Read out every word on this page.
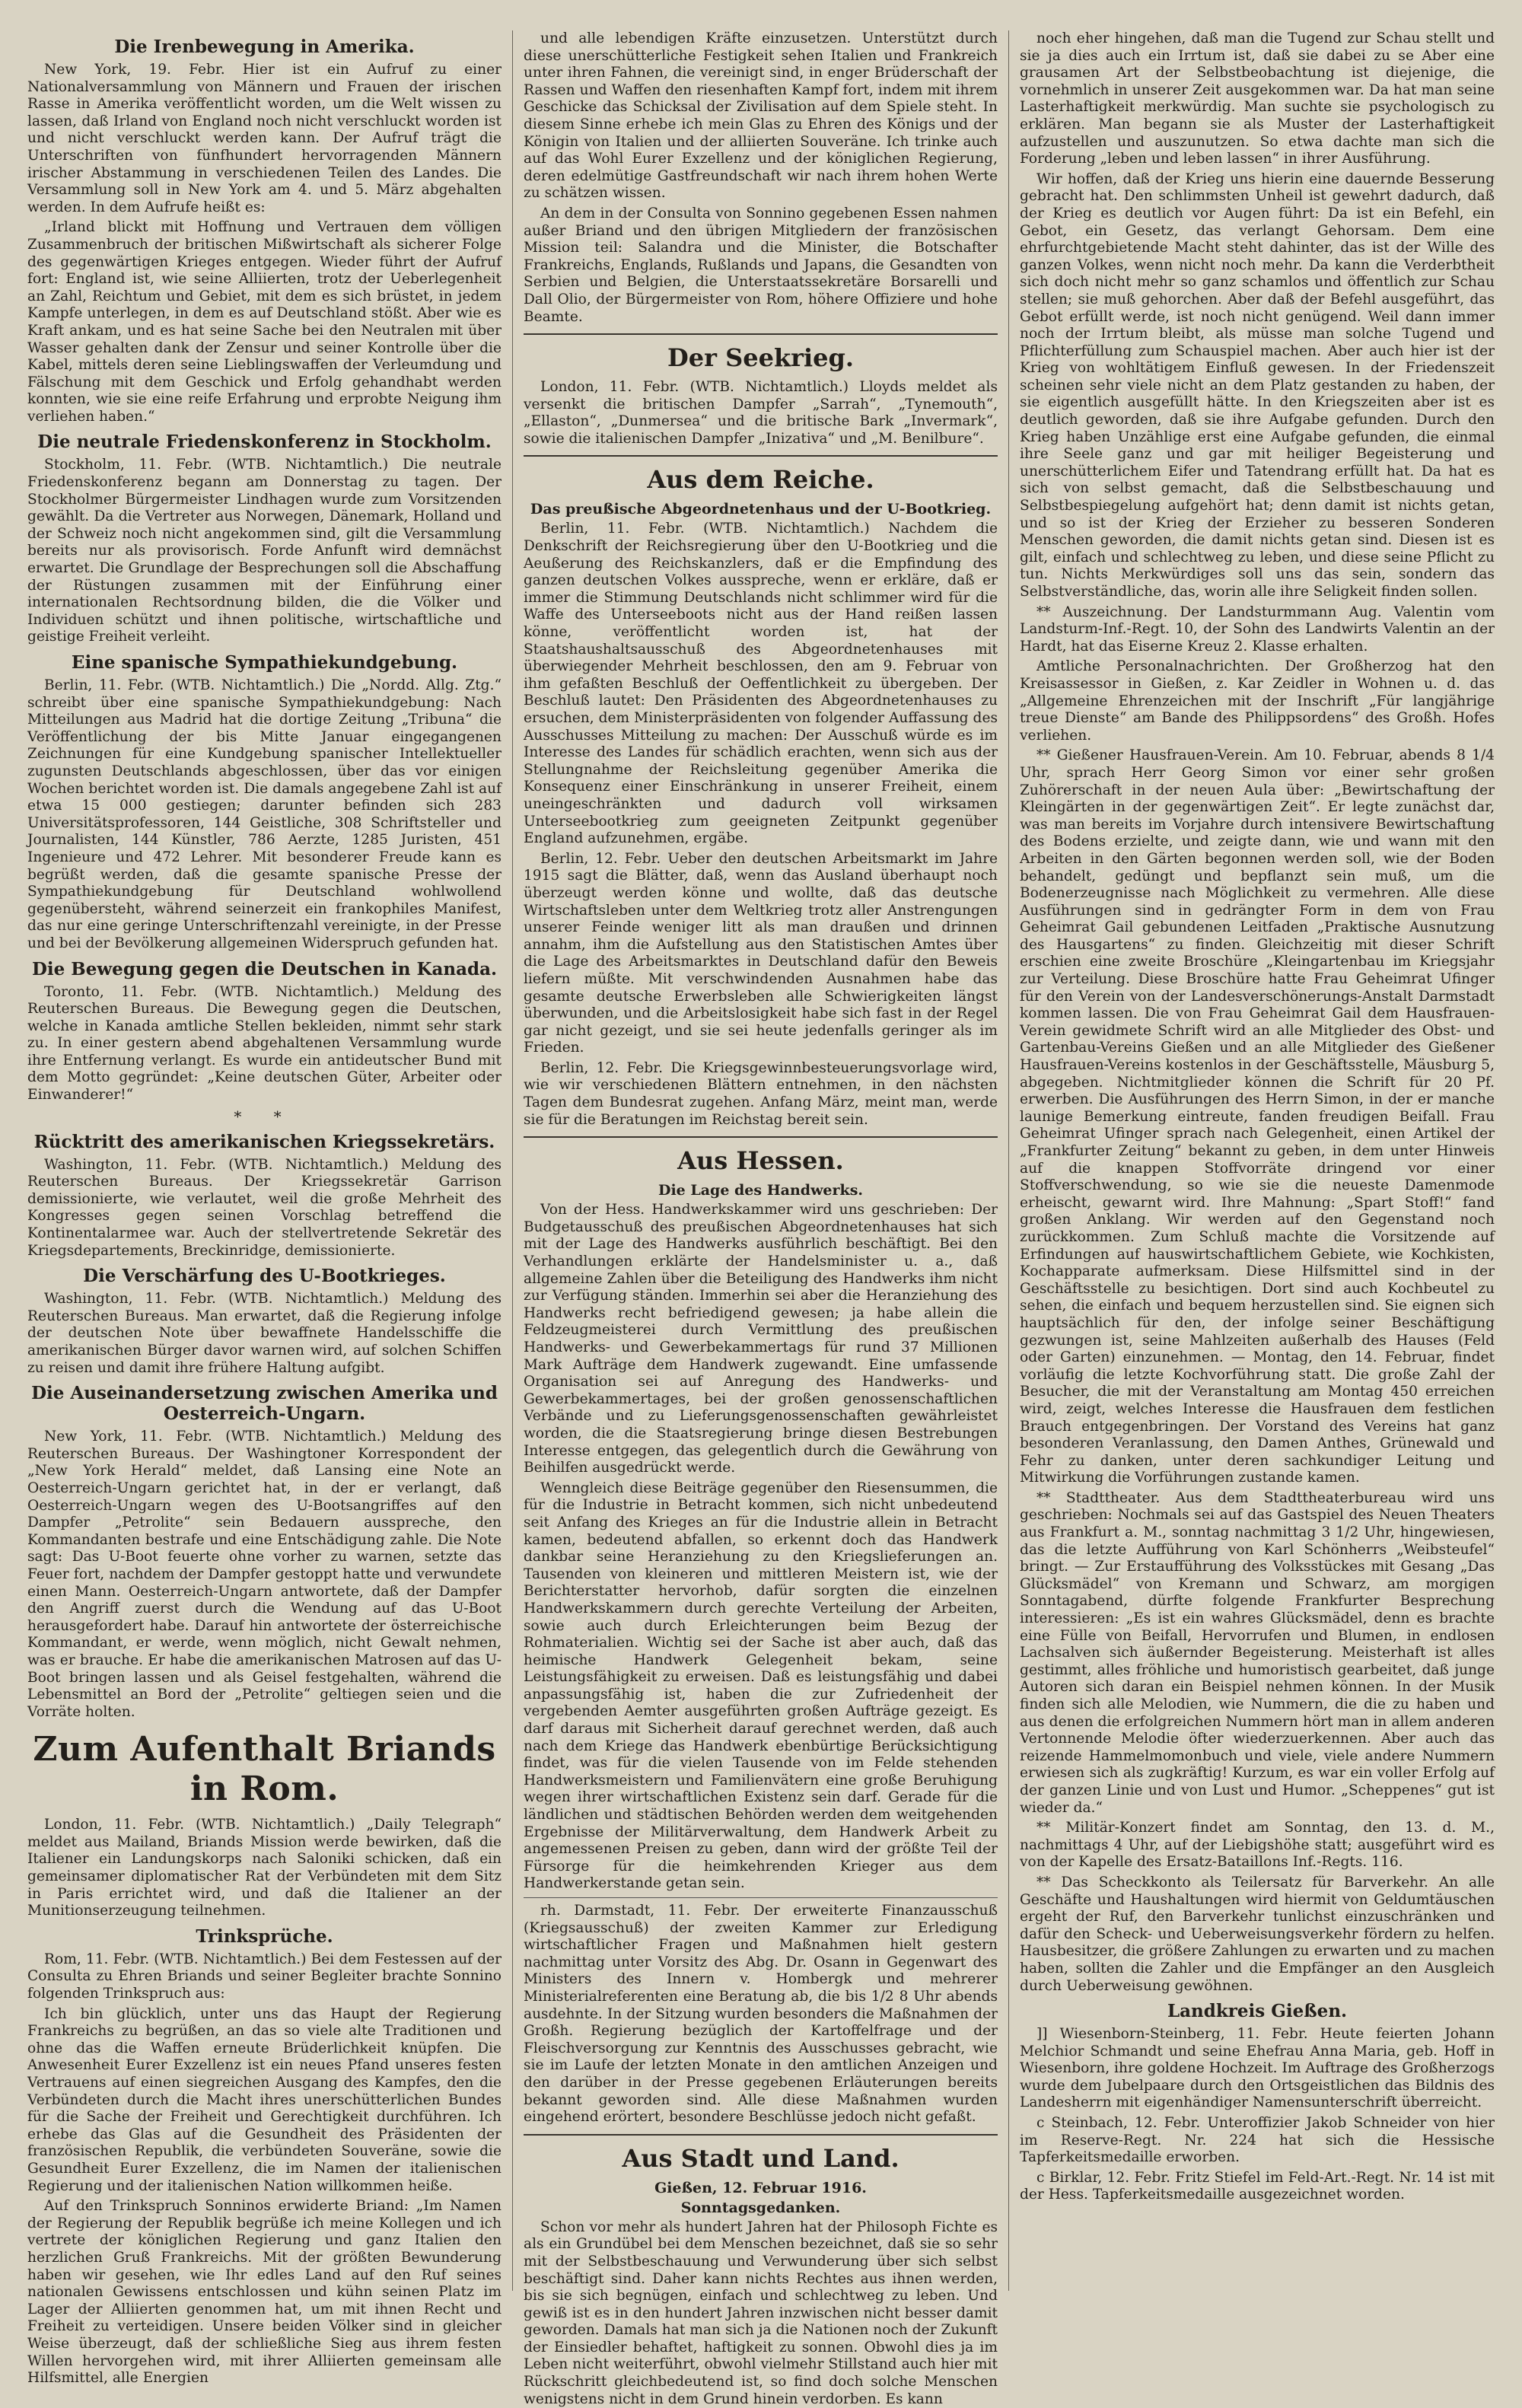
Die Irenbewegung in Amerika.

New York, 19. Febr. Hier ist ein Aufruf zu einer Nationalversammlung von Männern und Frauen der irischen Rasse in Amerika veröffentlicht worden, um die Welt wissen zu lassen, daß Irland von England noch nicht verschluckt worden ist und nicht verschluckt werden kann. Der Aufruf trägt die Unterschriften von fünfhundert hervorragenden Männern irischer Abstammung in verschiedenen Teilen des Landes. Die Versammlung soll in New York am 4. und 5. März abgehalten werden. In dem Aufrufe heißt es:

„Irland blickt mit Hoffnung und Vertrauen dem völligen Zusammenbruch der britischen Mißwirtschaft als sicherer Folge des gegenwärtigen Krieges entgegen. Wieder führt der Aufruf fort: England ist, wie seine Alliierten, trotz der Ueberlegenheit an Zahl, Reichtum und Gebiet, mit dem es sich brüstet, in jedem Kampfe unterlegen, in dem es auf Deutschland stößt. Aber wie es Kraft ankam, und es hat seine Sache bei den Neutralen mit über Wasser gehalten dank der Zensur und seiner Kontrolle über die Kabel, mittels deren seine Lieblingswaffen der Verleumdung und Fälschung mit dem Geschick und Erfolg gehandhabt werden konnten, wie sie eine reife Erfahrung und erprobte Neigung ihm verliehen haben.“

Die neutrale Friedenskonferenz in Stockholm.

Stockholm, 11. Febr. (WTB. Nichtamtlich.) Die neutrale Friedenskonferenz begann am Donnerstag zu tagen. Der Stockholmer Bürgermeister Lindhagen wurde zum Vorsitzenden gewählt. Da die Vertreter aus Norwegen, Dänemark, Holland und der Schweiz noch nicht angekommen sind, gilt die Versammlung bereits nur als provisorisch. Forde Anfunft wird demnächst erwartet. Die Grundlage der Besprechungen soll die Abschaffung der Rüstungen zusammen mit der Einführung einer internationalen Rechtsordnung bilden, die die Völker und Individuen schützt und ihnen politische, wirtschaftliche und geistige Freiheit verleiht.

Eine spanische Sympathiekundgebung.

Berlin, 11. Febr. (WTB. Nichtamtlich.) Die „Nordd. Allg. Ztg.“ schreibt über eine spanische Sympathiekundgebung: Nach Mitteilungen aus Madrid hat die dortige Zeitung „Tribuna“ die Veröffentlichung der bis Mitte Januar eingegangenen Zeichnungen für eine Kundgebung spanischer Intellektueller zugunsten Deutschlands abgeschlossen, über das vor einigen Wochen berichtet worden ist. Die damals angegebene Zahl ist auf etwa 15 000 gestiegen; darunter befinden sich 283 Universitätsprofessoren, 144 Geistliche, 308 Schriftsteller und Journalisten, 144 Künstler, 786 Aerzte, 1285 Juristen, 451 Ingenieure und 472 Lehrer. Mit besonderer Freude kann es begrüßt werden, daß die gesamte spanische Presse der Sympathiekundgebung für Deutschland wohlwollend gegenübersteht, während seinerzeit ein frankophiles Manifest, das nur eine geringe Unterschriftenzahl vereinigte, in der Presse und bei der Bevölkerung allgemeinen Widerspruch gefunden hat.

Die Bewegung gegen die Deutschen in Kanada.

Toronto, 11. Febr. (WTB. Nichtamtlich.) Meldung des Reuterschen Bureaus. Die Bewegung gegen die Deutschen, welche in Kanada amtliche Stellen bekleiden, nimmt sehr stark zu. In einer gestern abend abgehaltenen Versammlung wurde ihre Entfernung verlangt. Es wurde ein antideutscher Bund mit dem Motto gegründet: „Keine deutschen Güter, Arbeiter oder Einwanderer!“

* *
Rücktritt des amerikanischen Kriegssekretärs.

Washington, 11. Febr. (WTB. Nichtamtlich.) Meldung des Reuterschen Bureaus. Der Kriegssekretär Garrison demissionierte, wie verlautet, weil die große Mehrheit des Kongresses gegen seinen Vorschlag betreffend die Kontinentalarmee war. Auch der stellvertretende Sekretär des Kriegsdepartements, Breckinridge, demissionierte.

Die Verschärfung des U-Bootkrieges.

Washington, 11. Febr. (WTB. Nichtamtlich.) Meldung des Reuterschen Bureaus. Man erwartet, daß die Regierung infolge der deutschen Note über bewaffnete Handelsschiffe die amerikanischen Bürger davor warnen wird, auf solchen Schiffen zu reisen und damit ihre frühere Haltung aufgibt.

Die Auseinandersetzung zwischen Amerika und Oesterreich-Ungarn.

New York, 11. Febr. (WTB. Nichtamtlich.) Meldung des Reuterschen Bureaus. Der Washingtoner Korrespondent der „New York Herald“ meldet, daß Lansing eine Note an Oesterreich-Ungarn gerichtet hat, in der er verlangt, daß Oesterreich-Ungarn wegen des U-Bootsangriffes auf den Dampfer „Petrolite“ sein Bedauern ausspreche, den Kommandanten bestrafe und eine Entschädigung zahle. Die Note sagt: Das U-Boot feuerte ohne vorher zu warnen, setzte das Feuer fort, nachdem der Dampfer gestoppt hatte und verwundete einen Mann. Oesterreich-Ungarn antwortete, daß der Dampfer den Angriff zuerst durch die Wendung auf das U-Boot herausgefordert habe. Darauf hin antwortete der österreichische Kommandant, er werde, wenn möglich, nicht Gewalt nehmen, was er brauche. Er habe die amerikanischen Matrosen auf das U-Boot bringen lassen und als Geisel festgehalten, während die Lebensmittel an Bord der „Petrolite“ geltiegen seien und die Vorräte holten.

Zum Aufenthalt Briands in Rom.

London, 11. Febr. (WTB. Nichtamtlich.) „Daily Telegraph“ meldet aus Mailand, Briands Mission werde bewirken, daß die Italiener ein Landungskorps nach Saloniki schicken, daß ein gemeinsamer diplomatischer Rat der Verbündeten mit dem Sitz in Paris errichtet wird, und daß die Italiener an der Munitionserzeugung teilnehmen.

Trinksprüche.

Rom, 11. Febr. (WTB. Nichtamtlich.) Bei dem Festessen auf der Consulta zu Ehren Briands und seiner Begleiter brachte Sonnino folgenden Trinkspruch aus:

Ich bin glücklich, unter uns das Haupt der Regierung Frankreichs zu begrüßen, an das so viele alte Traditionen und ohne das die Waffen erneute Brüderlichkeit knüpfen. Die Anwesenheit Eurer Exzellenz ist ein neues Pfand unseres festen Vertrauens auf einen siegreichen Ausgang des Kampfes, den die Verbündeten durch die Macht ihres unerschütterlichen Bundes für die Sache der Freiheit und Gerechtigkeit durchführen. Ich erhebe das Glas auf die Gesundheit des Präsidenten der französischen Republik, die verbündeten Souveräne, sowie die Gesundheit Eurer Exzellenz, die im Namen der italienischen Regierung und der italienischen Nation willkommen heiße.

Auf den Trinkspruch Sonninos erwiderte Briand: „Im Namen der Regierung der Republik begrüße ich meine Kollegen und ich vertrete der königlichen Regierung und ganz Italien den herzlichen Gruß Frankreichs. Mit der größten Bewunderung haben wir gesehen, wie Ihr edles Land auf den Ruf seines nationalen Gewissens entschlossen und kühn seinen Platz im Lager der Alliierten genommen hat, um mit ihnen Recht und Freiheit zu verteidigen. Unsere beiden Völker sind in gleicher Weise überzeugt, daß der schließliche Sieg aus ihrem festen Willen hervorgehen wird, mit ihrer Alliierten gemeinsam alle Hilfsmittel, alle Energien

und alle lebendigen Kräfte einzusetzen. Unterstützt durch diese unerschütterliche Festigkeit sehen Italien und Frankreich unter ihren Fahnen, die vereinigt sind, in enger Brüderschaft der Rassen und Waffen den riesenhaften Kampf fort, indem mit ihrem Geschicke das Schicksal der Zivilisation auf dem Spiele steht. In diesem Sinne erhebe ich mein Glas zu Ehren des Königs und der Königin von Italien und der alliierten Souveräne. Ich trinke auch auf das Wohl Eurer Exzellenz und der königlichen Regierung, deren edelmütige Gastfreundschaft wir nach ihrem hohen Werte zu schätzen wissen.

An dem in der Consulta von Sonnino gegebenen Essen nahmen außer Briand und den übrigen Mitgliedern der französischen Mission teil: Salandra und die Minister, die Botschafter Frankreichs, Englands, Rußlands und Japans, die Gesandten von Serbien und Belgien, die Unterstaatssekretäre Borsarelli und Dall Olio, der Bürgermeister von Rom, höhere Offiziere und hohe Beamte.

Der Seekrieg.

London, 11. Febr. (WTB. Nichtamtlich.) Lloyds meldet als versenkt die britischen Dampfer „Sarrah“, „Tynemouth“, „Ellaston“, „Dunmersea“ und die britische Bark „Invermark“, sowie die italienischen Dampfer „Inizativa“ und „M. Benilbure“.

Aus dem Reiche.
Das preußische Abgeordnetenhaus und der U-Bootkrieg.

Berlin, 11. Febr. (WTB. Nichtamtlich.) Nachdem die Denkschrift der Reichsregierung über den U-Bootkrieg und die Aeußerung des Reichskanzlers, daß er die Empfindung des ganzen deutschen Volkes ausspreche, wenn er erkläre, daß er immer die Stimmung Deutschlands nicht schlimmer wird für die Waffe des Unterseeboots nicht aus der Hand reißen lassen könne, veröffentlicht worden ist, hat der Staatshaushaltsausschuß des Abgeordnetenhauses mit überwiegender Mehrheit beschlossen, den am 9. Februar von ihm gefaßten Beschluß der Oeffentlichkeit zu übergeben. Der Beschluß lautet: Den Präsidenten des Abgeordnetenhauses zu ersuchen, dem Ministerpräsidenten von folgender Auffassung des Ausschusses Mitteilung zu machen: Der Ausschuß würde es im Interesse des Landes für schädlich erachten, wenn sich aus der Stellungnahme der Reichsleitung gegenüber Amerika die Konsequenz einer Einschränkung in unserer Freiheit, einem uneingeschränkten und dadurch voll wirksamen Unterseebootkrieg zum geeigneten Zeitpunkt gegenüber England aufzunehmen, ergäbe.

Berlin, 12. Febr. Ueber den deutschen Arbeitsmarkt im Jahre 1915 sagt die Blätter, daß, wenn das Ausland überhaupt noch überzeugt werden könne und wollte, daß das deutsche Wirtschaftsleben unter dem Weltkrieg trotz aller Anstrengungen unserer Feinde weniger litt als man draußen und drinnen annahm, ihm die Aufstellung aus den Statistischen Amtes über die Lage des Arbeitsmarktes in Deutschland dafür den Beweis liefern müßte. Mit verschwindenden Ausnahmen habe das gesamte deutsche Erwerbsleben alle Schwierigkeiten längst überwunden, und die Arbeitslosigkeit habe sich fast in der Regel gar nicht gezeigt, und sie sei heute jedenfalls geringer als im Frieden.

Berlin, 12. Febr. Die Kriegsgewinnbesteuerungsvorlage wird, wie wir verschiedenen Blättern entnehmen, in den nächsten Tagen dem Bundesrat zugehen. Anfang März, meint man, werde sie für die Beratungen im Reichstag bereit sein.

Aus Hessen.
Die Lage des Handwerks.

Von der Hess. Handwerkskammer wird uns geschrieben: Der Budgetausschuß des preußischen Abgeordnetenhauses hat sich mit der Lage des Handwerks ausführlich beschäftigt. Bei den Verhandlungen erklärte der Handelsminister u. a., daß allgemeine Zahlen über die Beteiligung des Handwerks ihm nicht zur Verfügung ständen. Immerhin sei aber die Heranziehung des Handwerks recht befriedigend gewesen; ja habe allein die Feldzeugmeisterei durch Vermittlung des preußischen Handwerks- und Gewerbekammertags für rund 37 Millionen Mark Aufträge dem Handwerk zugewandt. Eine umfassende Organisation sei auf Anregung des Handwerks- und Gewerbekammertages, bei der großen genossenschaftlichen Verbände und zu Lieferungsgenossenschaften gewährleistet worden, die die Staatsregierung bringe diesen Bestrebungen Interesse entgegen, das gelegentlich durch die Gewährung von Beihilfen ausgedrückt werde.

Wenngleich diese Beiträge gegenüber den Riesensummen, die für die Industrie in Betracht kommen, sich nicht unbedeutend seit Anfang des Krieges an für die Industrie allein in Betracht kamen, bedeutend abfallen, so erkennt doch das Handwerk dankbar seine Heranziehung zu den Kriegslieferungen an. Tausenden von kleineren und mittleren Meistern ist, wie der Berichterstatter hervorhob, dafür sorgten die einzelnen Handwerkskammern durch gerechte Verteilung der Arbeiten, sowie auch durch Erleichterungen beim Bezug der Rohmaterialien. Wichtig sei der Sache ist aber auch, daß das heimische Handwerk Gelegenheit bekam, seine Leistungsfähigkeit zu erweisen. Daß es leistungsfähig und dabei anpassungsfähig ist, haben die zur Zufriedenheit der vergebenden Aemter ausgeführten großen Aufträge gezeigt. Es darf daraus mit Sicherheit darauf gerechnet werden, daß auch nach dem Kriege das Handwerk ebenbürtige Berücksichtigung findet, was für die vielen Tausende von im Felde stehenden Handwerksmeistern und Familienvätern eine große Beruhigung wegen ihrer wirtschaftlichen Existenz sein darf. Gerade für die ländlichen und städtischen Behörden werden dem weitgehenden Ergebnisse der Militärverwaltung, dem Handwerk Arbeit zu angemessenen Preisen zu geben, dann wird der größte Teil der Fürsorge für die heimkehrenden Krieger aus dem Handwerkerstande getan sein.

rh. Darmstadt, 11. Febr. Der erweiterte Finanzausschuß (Kriegsausschuß) der zweiten Kammer zur Erledigung wirtschaftlicher Fragen und Maßnahmen hielt gestern nachmittag unter Vorsitz des Abg. Dr. Osann in Gegenwart des Ministers des Innern v. Hombergk und mehrerer Ministerialreferenten eine Beratung ab, die bis 1/2 8 Uhr abends ausdehnte. In der Sitzung wurden besonders die Maßnahmen der Großh. Regierung bezüglich der Kartoffelfrage und der Fleischversorgung zur Kenntnis des Ausschusses gebracht, wie sie im Laufe der letzten Monate in den amtlichen Anzeigen und den darüber in der Presse gegebenen Erläuterungen bereits bekannt geworden sind. Alle diese Maßnahmen wurden eingehend erörtert, besondere Beschlüsse jedoch nicht gefaßt.

Aus Stadt und Land.
Gießen, 12. Februar 1916.
Sonntagsgedanken.

Schon vor mehr als hundert Jahren hat der Philosoph Fichte es als ein Grundübel bei dem Menschen bezeichnet, daß sie so sehr mit der Selbstbeschauung und Verwunderung über sich selbst beschäftigt sind. Daher kann nichts Rechtes aus ihnen werden, bis sie sich begnügen, einfach und schlechtweg zu leben. Und gewiß ist es in den hundert Jahren inzwischen nicht besser damit geworden. Damals hat man sich ja die Nationen noch der Zukunft der Einsiedler behaftet, haftigkeit zu sonnen. Obwohl dies ja im Leben nicht weiterführt, obwohl vielmehr Stillstand auch hier mit Rückschritt gleichbedeutend ist, so find doch solche Menschen wenigstens nicht in dem Grund hinein verdorben. Es kann

noch eher hingehen, daß man die Tugend zur Schau stellt und sie ja dies auch ein Irrtum ist, daß sie dabei zu se Aber eine grausamen Art der Selbstbeobachtung ist diejenige, die vornehmlich in unserer Zeit ausgekommen war. Da hat man seine Lasterhaftigkeit merkwürdig. Man suchte sie psychologisch zu erklären. Man begann sie als Muster der Lasterhaftigkeit aufzustellen und auszunutzen. So etwa dachte man sich die Forderung „leben und leben lassen“ in ihrer Ausführung.

Wir hoffen, daß der Krieg uns hierin eine dauernde Besserung gebracht hat. Den schlimmsten Unheil ist gewehrt dadurch, daß der Krieg es deutlich vor Augen führt: Da ist ein Befehl, ein Gebot, ein Gesetz, das verlangt Gehorsam. Dem eine ehrfurchtgebietende Macht steht dahinter, das ist der Wille des ganzen Volkes, wenn nicht noch mehr. Da kann die Verderbtheit sich doch nicht mehr so ganz schamlos und öffentlich zur Schau stellen; sie muß gehorchen. Aber daß der Befehl ausgeführt, das Gebot erfüllt werde, ist noch nicht genügend. Weil dann immer noch der Irrtum bleibt, als müsse man solche Tugend und Pflichterfüllung zum Schauspiel machen. Aber auch hier ist der Krieg von wohltätigem Einfluß gewesen. In der Friedenszeit scheinen sehr viele nicht an dem Platz gestanden zu haben, der sie eigentlich ausgefüllt hätte. In den Kriegszeiten aber ist es deutlich geworden, daß sie ihre Aufgabe gefunden. Durch den Krieg haben Unzählige erst eine Aufgabe gefunden, die einmal ihre Seele ganz und gar mit heiliger Begeisterung und unerschütterlichem Eifer und Tatendrang erfüllt hat. Da hat es sich von selbst gemacht, daß die Selbstbeschauung und Selbstbespiegelung aufgehört hat; denn damit ist nichts getan, und so ist der Krieg der Erzieher zu besseren Sonderen Menschen geworden, die damit nichts getan sind. Diesen ist es gilt, einfach und schlechtweg zu leben, und diese seine Pflicht zu tun. Nichts Merkwürdiges soll uns das sein, sondern das Selbstverständliche, das, worin alle ihre Seligkeit finden sollen.

** Auszeichnung. Der Landsturmmann Aug. Valentin vom Landsturm-Inf.-Regt. 10, der Sohn des Landwirts Valentin an der Hardt, hat das Eiserne Kreuz 2. Klasse erhalten.

Amtliche Personalnachrichten. Der Großherzog hat den Kreisassessor in Gießen, z. Kar Zeidler in Wohnen u. d. das „Allgemeine Ehrenzeichen mit der Inschrift „Für langjährige treue Dienste“ am Bande des Philippsordens“ des Großh. Hofes verliehen.

** Gießener Hausfrauen-Verein. Am 10. Februar, abends 8 1/4 Uhr, sprach Herr Georg Simon vor einer sehr großen Zuhörerschaft in der neuen Aula über: „Bewirtschaftung der Kleingärten in der gegenwärtigen Zeit“. Er legte zunächst dar, was man bereits im Vorjahre durch intensivere Bewirtschaftung des Bodens erzielte, und zeigte dann, wie und wann mit den Arbeiten in den Gärten begonnen werden soll, wie der Boden behandelt, gedüngt und bepflanzt sein muß, um die Bodenerzeugnisse nach Möglichkeit zu vermehren. Alle diese Ausführungen sind in gedrängter Form in dem von Frau Geheimrat Gail gebundenen Leitfaden „Praktische Ausnutzung des Hausgartens“ zu finden. Gleichzeitig mit dieser Schrift erschien eine zweite Broschüre „Kleingartenbau im Kriegsjahr zur Verteilung. Diese Broschüre hatte Frau Geheimrat Ufinger für den Verein von der Landesverschönerungs-Anstalt Darmstadt kommen lassen. Die von Frau Geheimrat Gail dem Hausfrauen-Verein gewidmete Schrift wird an alle Mitglieder des Obst- und Gartenbau-Vereins Gießen und an alle Mitglieder des Gießener Hausfrauen-Vereins kostenlos in der Geschäftsstelle, Mäusburg 5, abgegeben. Nichtmitglieder können die Schrift für 20 Pf. erwerben. Die Ausführungen des Herrn Simon, in der er manche launige Bemerkung eintreute, fanden freudigen Beifall. Frau Geheimrat Ufinger sprach nach Gelegenheit, einen Artikel der „Frankfurter Zeitung“ bekannt zu geben, in dem unter Hinweis auf die knappen Stoffvorräte dringend vor einer Stoffverschwendung, so wie sie die neueste Damenmode erheischt, gewarnt wird. Ihre Mahnung: „Spart Stoff!“ fand großen Anklang. Wir werden auf den Gegenstand noch zurückkommen. Zum Schluß machte die Vorsitzende auf Erfindungen auf hauswirtschaftlichem Gebiete, wie Kochkisten, Kochapparate aufmerksam. Diese Hilfsmittel sind in der Geschäftsstelle zu besichtigen. Dort sind auch Kochbeutel zu sehen, die einfach und bequem herzustellen sind. Sie eignen sich hauptsächlich für den, der infolge seiner Beschäftigung gezwungen ist, seine Mahlzeiten außerhalb des Hauses (Feld oder Garten) einzunehmen. — Montag, den 14. Februar, findet vorläufig die letzte Kochvorführung statt. Die große Zahl der Besucher, die mit der Veranstaltung am Montag 450 erreichen wird, zeigt, welches Interesse die Hausfrauen dem festlichen Brauch entgegenbringen. Der Vorstand des Vereins hat ganz besonderen Veranlassung, den Damen Anthes, Grünewald und Fehr zu danken, unter deren sachkundiger Leitung und Mitwirkung die Vorführungen zustande kamen.

** Stadttheater. Aus dem Stadttheaterbureau wird uns geschrieben: Nochmals sei auf das Gastspiel des Neuen Theaters aus Frankfurt a. M., sonntag nachmittag 3 1/2 Uhr, hingewiesen, das die letzte Aufführung von Karl Schönherrs „Weibsteufel“ bringt. — Zur Erstaufführung des Volksstückes mit Gesang „Das Glücksmädel“ von Kremann und Schwarz, am morgigen Sonntagabend, dürfte folgende Frankfurter Besprechung interessieren: „Es ist ein wahres Glücksmädel, denn es brachte eine Fülle von Beifall, Hervorrufen und Blumen, in endlosen Lachsalven sich äußernder Begeisterung. Meisterhaft ist alles gestimmt, alles fröhliche und humoristisch gearbeitet, daß junge Autoren sich daran ein Beispiel nehmen können. In der Musik finden sich alle Melodien, wie Nummern, die die zu haben und aus denen die erfolgreichen Nummern hört man in allem anderen Vertonnende Melodie öfter wiederzuerkennen. Aber auch das reizende Hammelmomonbuch und viele, viele andere Nummern erwiesen sich als zugkräftig! Kurzum, es war ein voller Erfolg auf der ganzen Linie und von Lust und Humor. „Scheppenes“ gut ist wieder da.“

** Militär-Konzert findet am Sonntag, den 13. d. M., nachmittags 4 Uhr, auf der Liebigshöhe statt; ausgeführt wird es von der Kapelle des Ersatz-Bataillons Inf.-Regts. 116.

** Das Scheckkonto als Teilersatz für Barverkehr. An alle Geschäfte und Haushaltungen wird hiermit von Geldumtäuschen ergeht der Ruf, den Barverkehr tunlichst einzuschränken und dafür den Scheck- und Ueberweisungsverkehr fördern zu helfen. Hausbesitzer, die größere Zahlungen zu erwarten und zu machen haben, sollten die Zahler und die Empfänger an den Ausgleich durch Ueberweisung gewöhnen.

Landkreis Gießen.

]] Wiesenborn-Steinberg, 11. Febr. Heute feierten Johann Melchior Schmandt und seine Ehefrau Anna Maria, geb. Hoff in Wiesenborn, ihre goldene Hochzeit. Im Auftrage des Großherzogs wurde dem Jubelpaare durch den Ortsgeistlichen das Bildnis des Landesherrn mit eigenhändiger Namensunterschrift überreicht.

c Steinbach, 12. Febr. Unteroffizier Jakob Schneider von hier im Reserve-Regt. Nr. 224 hat sich die Hessische Tapferkeitsmedaille erworben.

c Birklar, 12. Febr. Fritz Stiefel im Feld-Art.-Regt. Nr. 14 ist mit der Hess. Tapferkeitsmedaille ausgezeichnet worden.
